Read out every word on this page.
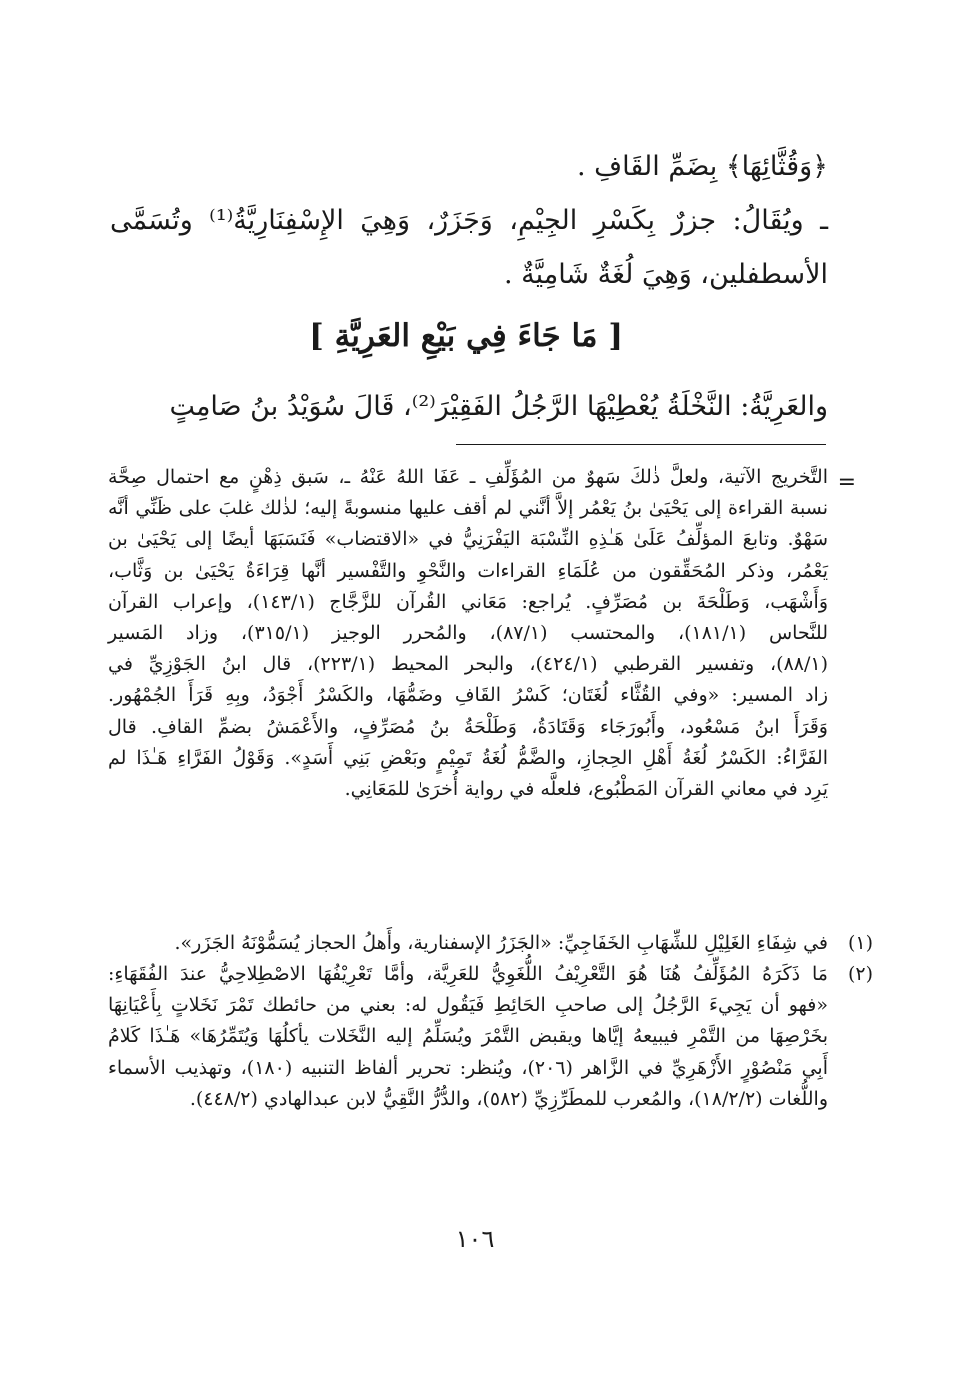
﴿وَقُثَّائِهَا﴾ بِضَمِّ القَافِ .
ـ ويُقَالُ: جزرٌ بِكَسْرِ الجِيْمِ، وَجَزَرٌ، وَهِيَ الإِسْفِنَارِيَّةُ⁽¹⁾ وتُسَمَّى
الأسطفلين، وَهِيَ لُغَةٌ شَامِيَّةٌ .
[ مَا جَاءَ فِي بَيْعِ العَرِيَّةِ ]
والعَرِيَّةُ: النَّخْلَةُ يُعْطِيْهَا الرَّجُلُ الفَقِيْرَ⁽²⁾، قَالَ سُوَيْدُ بنُ صَامِتٍ
=
التَّخريج الآتية، ولعلَّ ذٰلكَ سَهوٌ من المُؤَلِّفِ ـ عَفَا اللهُ عَنْهُ ـ، سَبق ذِهْنٍ مع احتمال صِحَّة
نسبة القراءة إلى يَحْيَىٰ بنُ يَعْمُر إلاَّ أنَّني لم أقف عليها منسوبةً إليه؛ لذٰلك غلبَ على ظَنِّي أنَّه
سَهْوٌ. وتابعَ المؤلِّفُ عَلَىٰ هَـٰذِهِ النِّسْبَة اليَفْرَنِيُّ في «الاقتضاب» فَنَسَبَهَا أيضًا إلى يَحْيَىٰ بن
يَعْمُر، وذكر المُحَقِّقون من عُلَمَاءِ القراءات والنَّحْوِ والتَّفْسير أنَّها قِرَاءَةُ يَحْيَىٰ بن وَثَّاب،
وَأَشْهَب، وَطَلْحَةَ بن مُصَرِّفٍ. يُراجع: مَعَاني القُرآن للزَّجَّاج (١٤٣/١)، وإعراب القرآن
للنَّحاس (١٨١/١)، والمحتسب (٨٧/١)، والمُحرر الوجيز (٣١٥/١)، وزاد المَسير
(٨٨/١)، وتفسير القرطبي (٤٢٤/١)، والبحر المحيط (٢٢٣/١)، قال ابنُ الجَوْزِيِّ في
زاد المسير: «وفي القُثَّاء لُغَتَان؛ كَسْرُ القَافِ وضَمُّهَا، والكَسْرُ أَجْوَدُ، وبِهِ قَرَأَ الجُمْهُور.
وَقَرَأَ ابنُ مَسْعُود، وأَبُورَجَاء وَقَتَادَةُ، وَطَلْحَةُ بنُ مُصَرِّفٍ، والأَعْمَشُ بضمِّ القافِ. قال
الفَرَّاءُ: الكَسْرُ لُغَةُ أَهْلِ الحِجازِ، والضَّمُّ لُغَةُ تَمِيْمٍ وبَعْضِ بَنِي أَسَدٍ». وَقَوْلُ الفَرَّاءِ هَـٰذَا لم
يَرِد في معاني القرآن المَطْبُوع، فلعلَّه في رواية أُخرَىٰ للمَعَانِي.
(١)
في شِفَاءِ الغَلِيْلِ للشِّهَابِ الخَفَاجِيِّ: «الجَزَرُ الإسفنارية، وأَهلُ الحجاز يُسَمُّوْنَهُ الجَزَر».
(٢)
مَا ذَكَرَهُ المُؤَلِّفُ هُنَا هُوَ التَّعْرِيْفُ اللُّغَوِيُّ للعَرِيَّة، وأمَّا تَعْرِيْفُهَا الاصْطِلاحِيُّ عندَ الفُقَهَاءِ:
«فهو أن يَجِيءَ الرَّجُلُ إلى صاحبِ الحَائِطِ فَيَقُول له: بعني من حائطك تَمْرَ نَخَلاتٍ بِأَعْيَانِهَا
بخَرْصِهَا من التَّمْرِ فيبيعهُ إيَّاها ويقبض التَّمْرَ ويُسَلِّمُ إليه النَّخَلات يأكلُهَا وَيُتَمِّرُهَا» هَـٰذَا كَلامُ
أَبِي مَنْصُوْرٍ الأَزْهَرِيِّ في الزَّاهر (٢٠٦)، ويُنظر: تحرير ألفاظ التنبيه (١٨٠)، وتهذيب الأسماء
واللُّغات (١٨/٢/٢)، والمُعرب للمطَرِّزِيِّ (٥٨٢)، والدُّرُّ النَّقِيُّ لابن عبدالهادي (٤٤٨/٢).
١٠٦
